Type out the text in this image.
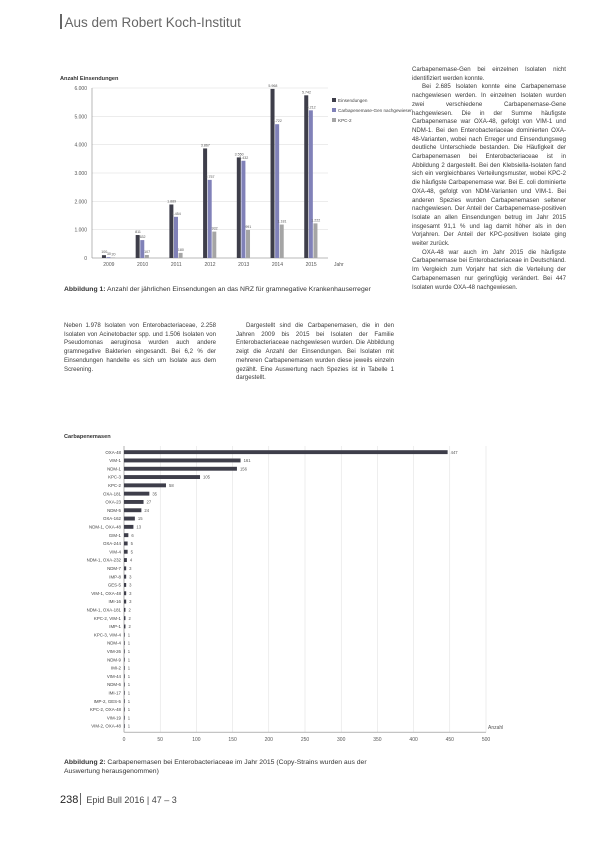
Aus dem Robert Koch-Institut
Anzahl Einsendungen
0
1.000
2.000
3.000
4.000
5.000
6.000
100 30 20
2009
811
632
107
2010
1.889
1.454
180
2011
3.867
2.757
932
2012
3.550
3.432
991
2013
5.968
4.722
1.181
2014
5.742
5.212
1.222
2015	Jahr
Einsendungen
Carbapenemase-Gen nachgewiesen
KPC-2

Carbapenemase-Gen bei einzelnen Isolaten nicht identifiziert werden konnte.

Bei 2.685 Isolaten konnte eine Carbapenemase nachgewiesen werden. In einzelnen Isolaten wurden zwei verschiedene Carbapenemase-Gene nachgewiesen. Die in der Summe häufigste Carbapenemase war OXA-48, gefolgt von VIM-1 und NDM-1. Bei den Enterobacteriaceae dominierten OXA-48-Varianten, wobei nach Erreger und Einsendungsweg deutliche Unterschiede bestanden. Die Häufigkeit der Carbapenemasen bei Enterobacteriaceae ist in Abbildung 2 dargestellt. Bei den Klebsiella-Isolaten fand sich ein vergleichbares Verteilungsmuster, wobei KPC-2 die häufigste Carbapenemase war. Bei E. coli dominierte OXA-48, gefolgt von NDM-Varianten und VIM-1. Bei anderen Spezies wurden Carbapenemasen seltener nachgewiesen. Der Anteil der Carbapenemase-positiven Isolate an allen Einsendungen betrug im Jahr 2015 insgesamt 91,1 % und lag damit höher als in den Vorjahren. Der Anteil der KPC-positiven Isolate ging weiter zurück.

OXA-48 war auch im Jahr 2015 die häufigste Carbapenemase bei Enterobacteriaceae in Deutschland. Im Vergleich zum Vorjahr hat sich die Verteilung der Carbapenemasen nur geringfügig verändert. Bei 447 Isolaten wurde OXA-48 nachgewiesen.

Abbildung 1: Anzahl der jährlichen Einsendungen an das NRZ für gramnegative Krankenhauserreger

Neben 1.978 Isolaten von Enterobacteriaceae, 2.258 Isolaten von Acinetobacter spp. und 1.506 Isolaten von Pseudomonas aeruginosa wurden auch andere gramnegative Bakterien eingesandt. Bei 6,2 % der Einsendungen handelte es sich um Isolate aus dem Screening.

Dargestellt sind die Carbapenemasen, die in den Jahren 2009 bis 2015 bei Isolaten der Familie Enterobacteriaceae nachgewiesen wurden. Die Abbildung zeigt die Anzahl der Einsendungen. Bei Isolaten mit mehreren Carbapenemasen wurden diese jeweils einzeln gezählt. Eine Auswertung nach Spezies ist in Tabelle 1 dargestellt.

Carbapenemasen
0	50	100	150	200	250	300	350	400	450	500
Anzahl
OXA-48	447
VIM-1	161
NDM-1	156
KPC-3	105
KPC-2	58
OXA-181	35
OXA-23	27
NDM-5	24
OXA-162	15
NDM-1, OXA-48	13
GIM-1 6
OXA-244 5
VIM-4 5
NDM-1, OXA-232 4
NDM-7 3
IMP-8 3
GES-5 3
VIM-1, OXA-48 3
IMI-16 3
NDM-1, OXA-181 2
KPC-2, VIM-1 2
IMP-1 2
KPC-3, VIM-4 1
NDM-4 1
VIM-26 1
NDM-9 1
IMI-2 1
VIM-44 1
NDM-6 1
IMI-17 1
IMP-2, GES-5 1
KPC-2, OXA-48 1
VIM-19 1
VIM-2, OXA-48 1
Abbildung 2: Carbapenemasen bei Enterobacteriaceae im Jahr 2015 (Copy-Strains wurden aus der Auswertung herausgenommen)
238 Epid Bull 2016 | 47 – 3
